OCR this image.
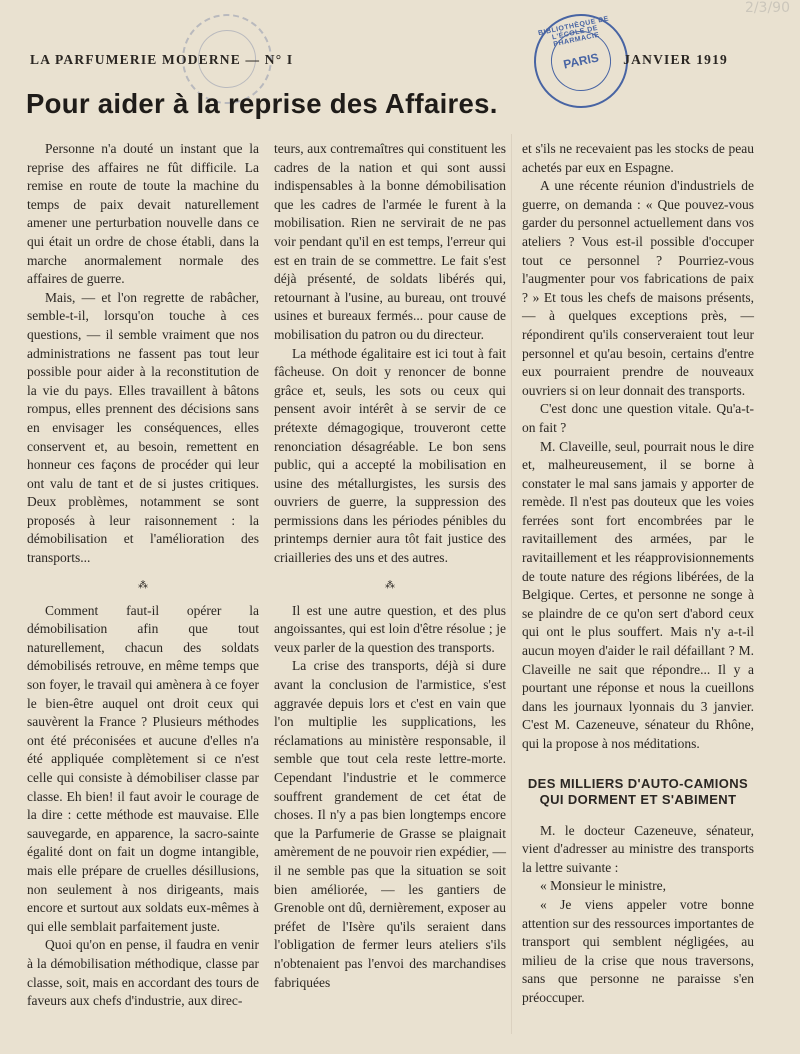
2/3/90
BIBLIOTHÈQUE DE L'ÉCOLE DE PHARMACIE
PARIS
LA PARFUMERIE MODERNE — N° I	JANVIER 1919
Pour aider à la reprise des Affaires.

Personne n'a douté un instant que la reprise des affaires ne fût difficile. La remise en route de toute la machine du temps de paix devait naturellement amener une perturbation nouvelle dans ce qui était un ordre de chose établi, dans la marche anormalement normale des affaires de guerre.

Mais, — et l'on regrette de rabâcher, semble-t-il, lorsqu'on touche à ces questions, — il semble vraiment que nos administrations ne fassent pas tout leur possible pour aider à la reconstitution de la vie du pays. Elles travaillent à bâtons rompus, elles prennent des décisions sans en envisager les conséquences, elles conservent et, au besoin, remettent en honneur ces façons de procéder qui leur ont valu de tant et de si justes critiques. Deux problèmes, notamment se sont proposés à leur raisonnement : la démobilisation et l'amélioration des transports...

⁂

Comment faut-il opérer la démobilisation afin que tout naturellement, chacun des soldats démobilisés retrouve, en même temps que son foyer, le travail qui amènera à ce foyer le bien-être auquel ont droit ceux qui sauvèrent la France ? Plusieurs méthodes ont été préconisées et aucune d'elles n'a été appliquée complètement si ce n'est celle qui consiste à démobiliser classe par classe. Eh bien! il faut avoir le courage de la dire : cette méthode est mauvaise. Elle sauvegarde, en apparence, la sacro-sainte égalité dont on fait un dogme intangible, mais elle prépare de cruelles désillusions, non seulement à nos dirigeants, mais encore et surtout aux soldats eux-mêmes à qui elle semblait parfaitement juste.

Quoi qu'on en pense, il faudra en venir à la démobilisation méthodique, classe par classe, soit, mais en accordant des tours de faveurs aux chefs d'industrie, aux direc-

teurs, aux contremaîtres qui constituent les cadres de la nation et qui sont aussi indispensables à la bonne démobilisation que les cadres de l'armée le furent à la mobilisation. Rien ne servirait de ne pas voir pendant qu'il en est temps, l'erreur qui est en train de se commettre. Le fait s'est déjà présenté, de soldats libérés qui, retournant à l'usine, au bureau, ont trouvé usines et bureaux fermés... pour cause de mobilisation du patron ou du directeur.

La méthode égalitaire est ici tout à fait fâcheuse. On doit y renoncer de bonne grâce et, seuls, les sots ou ceux qui pensent avoir intérêt à se servir de ce prétexte démagogique, trouveront cette renonciation désagréable. Le bon sens public, qui a accepté la mobilisation en usine des métallurgistes, les sursis des ouvriers de guerre, la suppression des permissions dans les périodes pénibles du printemps dernier aura tôt fait justice des criailleries des uns et des autres.

⁂

Il est une autre question, et des plus angoissantes, qui est loin d'être résolue ; je veux parler de la question des transports.

La crise des transports, déjà si dure avant la conclusion de l'armistice, s'est aggravée depuis lors et c'est en vain que l'on multiplie les supplications, les réclamations au ministère responsable, il semble que tout cela reste lettre-morte. Cependant l'industrie et le commerce souffrent grandement de cet état de choses. Il n'y a pas bien longtemps encore que la Parfumerie de Grasse se plaignait amèrement de ne pouvoir rien expédier, — il ne semble pas que la situation se soit bien améliorée, — les gantiers de Grenoble ont dû, dernièrement, exposer au préfet de l'Isère qu'ils seraient dans l'obligation de fermer leurs ateliers s'ils n'obtenaient pas l'envoi des marchandises fabriquées

et s'ils ne recevaient pas les stocks de peau achetés par eux en Espagne.

A une récente réunion d'industriels de guerre, on demanda : « Que pouvez-vous garder du personnel actuellement dans vos ateliers ? Vous est-il possible d'occuper tout ce personnel ? Pourriez-vous l'augmenter pour vos fabrications de paix ? » Et tous les chefs de maisons présents, — à quelques exceptions près, — répondirent qu'ils conserveraient tout leur personnel et qu'au besoin, certains d'entre eux pourraient prendre de nouveaux ouvriers si on leur donnait des transports.

C'est donc une question vitale. Qu'a-t-on fait ?

M. Claveille, seul, pourrait nous le dire et, malheureusement, il se borne à constater le mal sans jamais y apporter de remède. Il n'est pas douteux que les voies ferrées sont fort encombrées par le ravitaillement des armées, par le ravitaillement et les réapprovisionnements de toute nature des régions libérées, de la Belgique. Certes, et personne ne songe à se plaindre de ce qu'on sert d'abord ceux qui ont le plus souffert. Mais n'y a-t-il aucun moyen d'aider le rail défaillant ? M. Claveille ne sait que répondre... Il y a pourtant une réponse et nous la cueillons dans les journaux lyonnais du 3 janvier. C'est M. Cazeneuve, sénateur du Rhône, qui la propose à nos méditations.

DES MILLIERS D'AUTO-CAMIONS QUI DORMENT ET S'ABIMENT

M. le docteur Cazeneuve, sénateur, vient d'adresser au ministre des transports la lettre suivante :

« Monsieur le ministre,

« Je viens appeler votre bonne attention sur des ressources importantes de transport qui semblent négligées, au milieu de la crise que nous traversons, sans que personne ne paraisse s'en préoccuper.
